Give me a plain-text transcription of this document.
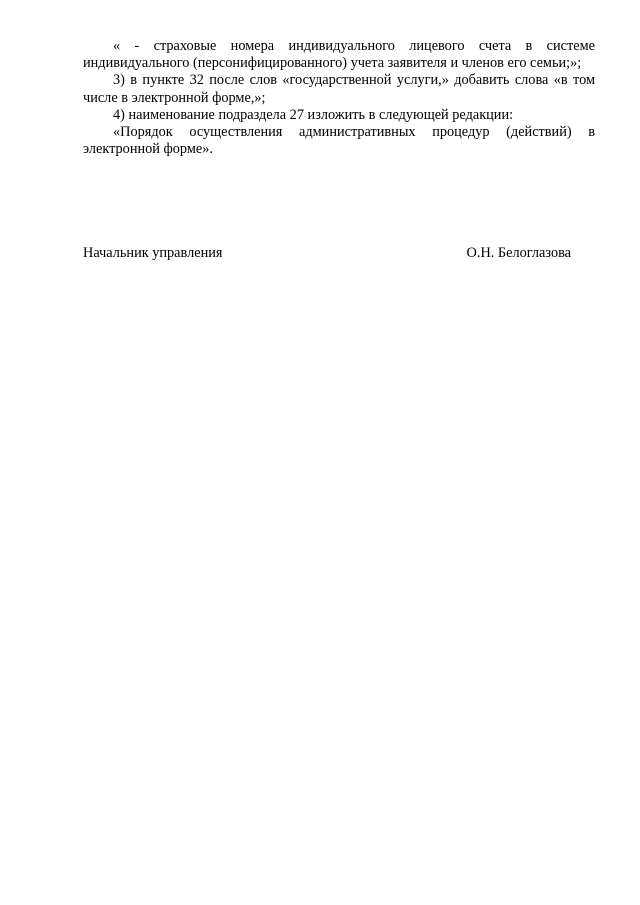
« - страховые номера индивидуального лицевого счета в системе индивидуального (персонифицированного) учета заявителя и членов его семьи;»;

3) в пункте 32 после слов «государственной услуги,» добавить слова «в том числе в электронной форме,»;

4) наименование подраздела 27 изложить в следующей редакции:

«Порядок осуществления административных процедур (действий) в электронной форме».

Начальник управления	О.Н. Белоглазова
